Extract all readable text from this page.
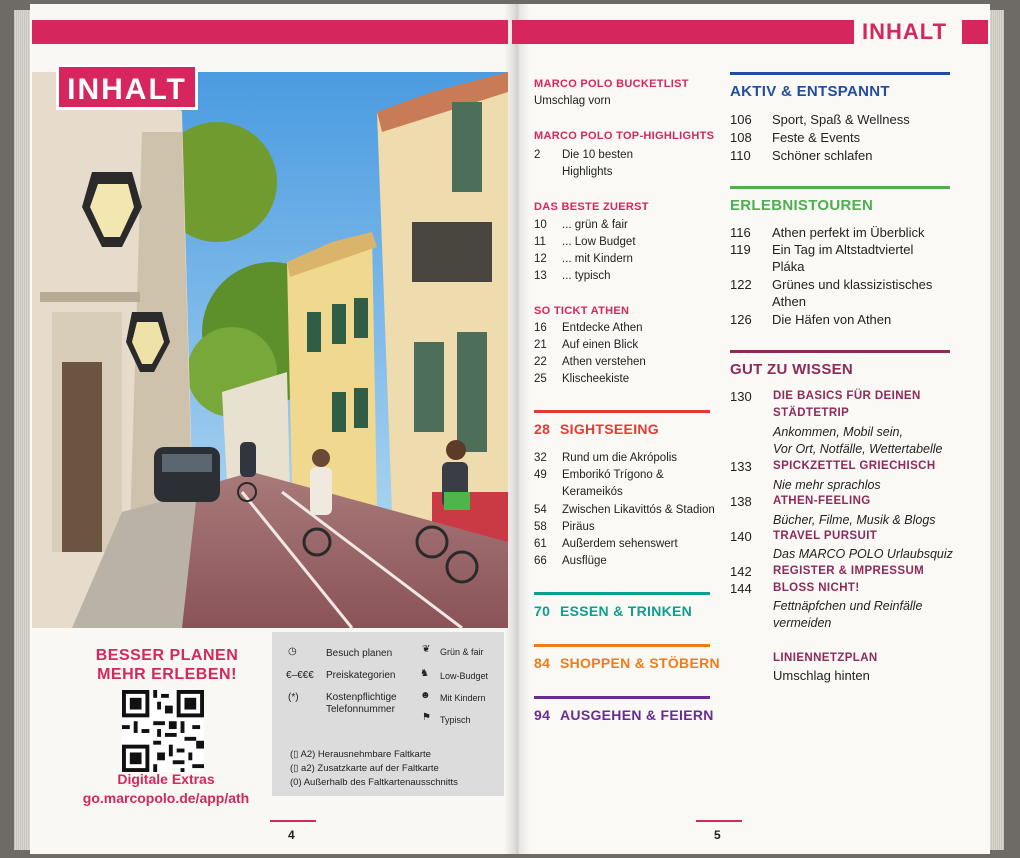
INHALT
INHALT
BESSER PLANEN
MEHR ERLEBEN!
Digitale Extras
go.marcopolo.de/app/ath
◷	Besuch planen
€–€€€ Preiskategorien
(*)	Kostenpflichtige Telefonnummer
❦ Grün & fair
♞ Low-Budget
☻ Mit Kindern
⚑ Typisch
(▯ A2) Herausnehmbare Faltkarte
(▯ a2) Zusatzkarte auf der Faltkarte
(0) Außerhalb des Faltkartenausschnitts
4	5
MARCO POLO BUCKETLIST
Umschlag vorn
MARCO POLO TOP-HIGHLIGHTS
2 Die 10 besten
Highlights
DAS BESTE ZUERST
10 ... grün & fair
11 ... Low Budget
12 ... mit Kindern
13 ... typisch
SO TICKT ATHEN
16 Entdecke Athen
21 Auf einen Blick
22 Athen verstehen
25 Klischeekiste
28 SIGHTSEEING
32 Rund um die Akrópolis
49 Emborikó Trígono &
Kerameikós
54 Zwischen Likavittós & Stadion
58 Piräus
61 Außerdem sehenswert
66 Ausflüge
70 ESSEN & TRINKEN
84 SHOPPEN & STÖBERN
94 AUSGEHEN & FEIERN
AKTIV & ENTSPANNT
106 Sport, Spaß & Wellness
108 Feste & Events
110 Schöner schlafen
ERLEBNISTOUREN
116 Athen perfekt im Überblick
119 Ein Tag im Altstadtviertel
Pláka
122 Grünes und klassizistisches
Athen
126 Die Häfen von Athen
GUT ZU WISSEN
130 DIE BASICS FÜR DEINEN
STÄDTETRIP
Ankommen, Mobil sein,
Vor Ort, Notfälle, Wettertabelle
133 SPICKZETTEL GRIECHISCH
Nie mehr sprachlos
138 ATHEN-FEELING
Bücher, Filme, Musik & Blogs
140 TRAVEL PURSUIT
Das MARCO POLO Urlaubsquiz
142 REGISTER & IMPRESSUM
144 BLOSS NICHT!
Fettnäpfchen und Reinfälle
vermeiden
LINIENNETZPLAN
Umschlag hinten
